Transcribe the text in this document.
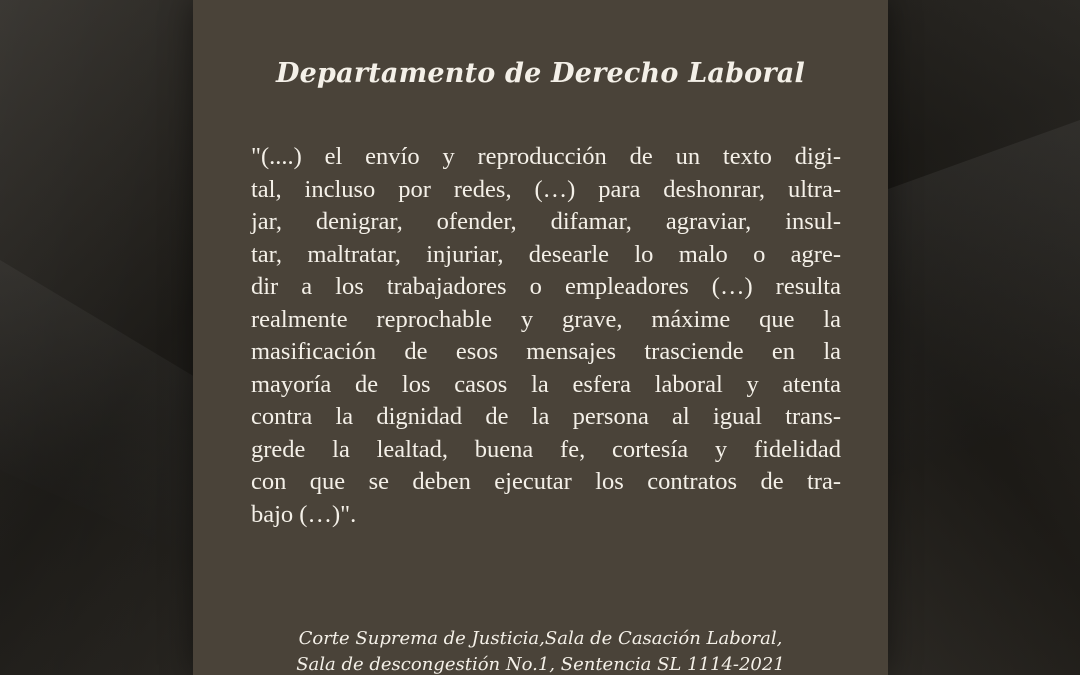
Departamento de Derecho Laboral

"(....) el envío y reproducción de un texto digi-
tal, incluso por redes, (…) para deshonrar, ultra-
jar, denigrar, ofender, difamar, agraviar, insul-
tar, maltratar, injuriar, desearle lo malo o agre-
dir a los trabajadores o empleadores (…) resulta
realmente reprochable y grave, máxime que la
masificación de esos mensajes trasciende en la
mayoría de los casos la esfera laboral y atenta
contra la dignidad de la persona al igual trans-
grede la lealtad, buena fe, cortesía y fidelidad
con que se deben ejecutar los contratos de tra-
bajo (…)".

Corte Suprema de Justicia,Sala de Casación Laboral,
Sala de descongestión No.1, Sentencia SL 1114-2021
